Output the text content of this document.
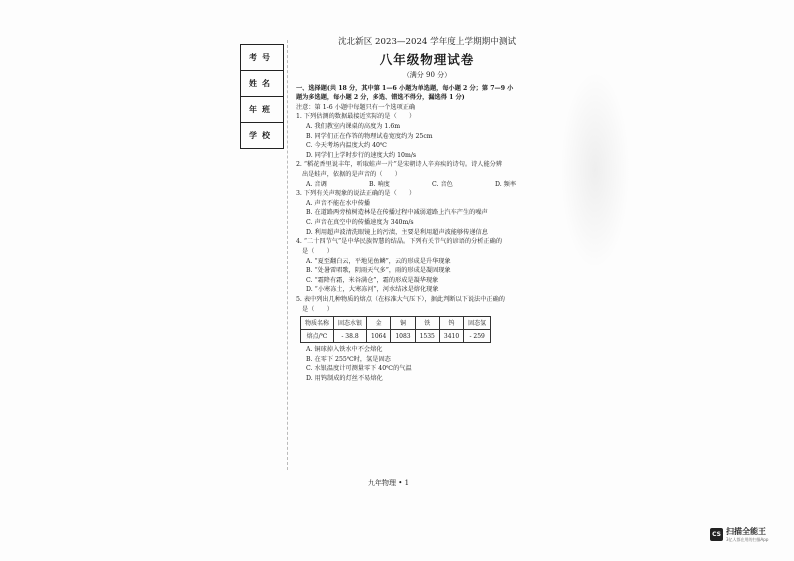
考号
姓名
年班
学校
沈北新区 2023—2024 学年度上学期期中测试
八年级物理试卷
（满分 90 分）
一、选择题(共 18 分，其中第 1—6 小题为单选题，每小题 2 分；第 7—9 小
题为多选题，每小题 2 分，多选、错选不得分，漏选得 1 分)
注意：第 1-6 小题中每题只有一个选项正确
1. 下列估测的数据最接近实际的是（　　）
A. 我们教室内课桌的高度为 1.6m
B. 同学们正在作答的物理试卷宽度约为 25cm
C. 今天考场内温度大约 40℃
D. 同学们上学时步行的速度大约 10m/s
2. “稻花香里说丰年，听取蛙声一片”是宋朝诗人辛弃疾的诗句。诗人能分辨
出是蛙声，依据的是声音的（　　）
A. 音调	B. 响度	C. 音色	D. 频率
3. 下列有关声现象的说法正确的是（　　）
A. 声音不能在水中传播
B. 在道路两旁植树造林是在传播过程中减弱道路上汽车产生的噪声
C. 声音在真空中的传播速度为 340m/s
D. 利用超声波清洗眼镜上的污渍，主要是利用超声波能够传递信息
4. “二十四节气”是中华民族智慧的结晶。下列有关节气的谚语的分析正确的
是（　　）
A. “夏至翻白云，平地见鱼鳞”，云的形成是升华现象
B. “处暑雷唱歌，阴雨天气多”，雨的形成是凝固现象
C. “霜降有霜，米谷满仓”，霜的形成是凝华现象
D. “小寒冻土，大寒冻河”，河水结冰是熔化现象
5. 表中列出几种物质的熔点（在标准大气压下），据此判断以下说法中正确的
是（　　）
物质名称	固态水银	金	铜	铁	钨	固态氢
熔点/℃	- 38.8	1064	1083	1535	3410	- 259
A. 铜球掉入铁水中不会熔化
B. 在零下 255℃时，氢是固态
C. 水银温度计可测量零下 40℃的气温
D. 用钨制成的灯丝不易熔化
九年物理 • 1
CS 扫描全能王
3亿人都在用的扫描App
